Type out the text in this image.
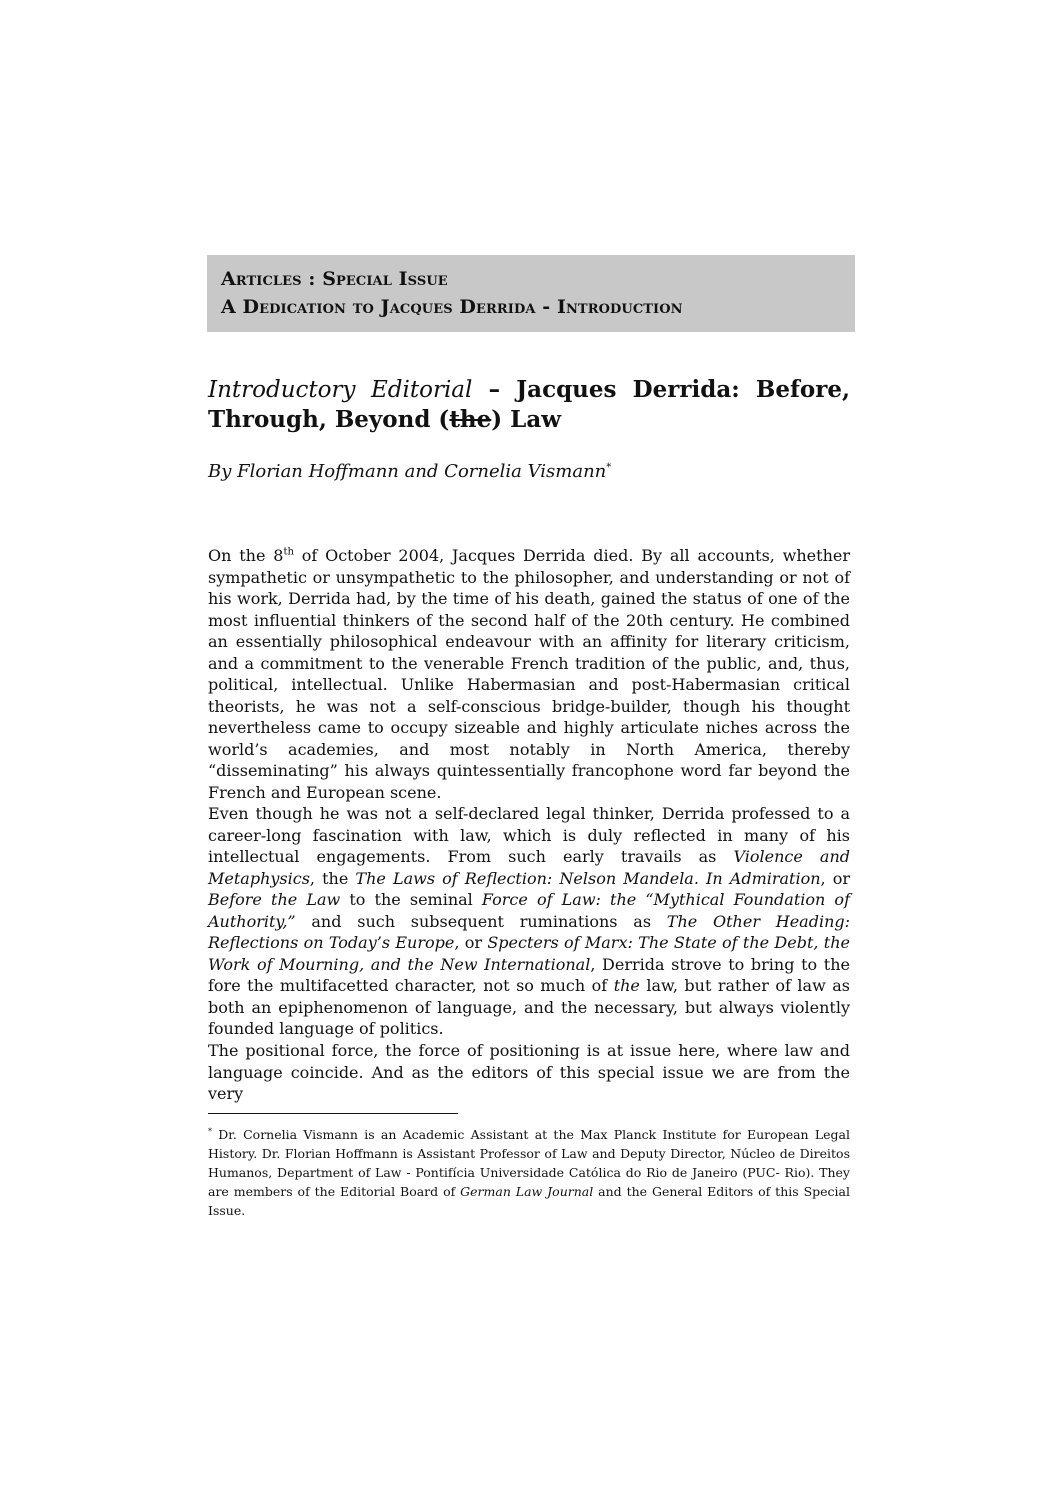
Articles : Special Issue
A Dedication to Jacques Derrida - Introduction
Introductory Editorial – Jacques Derrida: Before, Through, Beyond (the) Law
By Florian Hoffmann and Cornelia Vismann*

On the 8th of October 2004, Jacques Derrida died. By all accounts, whether sympathetic or unsympathetic to the philosopher, and understanding or not of his work, Derrida had, by the time of his death, gained the status of one of the most influential thinkers of the second half of the 20th century. He combined an essentially philosophical endeavour with an affinity for literary criticism, and a commitment to the venerable French tradition of the public, and, thus, political, intellectual. Unlike Habermasian and post-Habermasian critical theorists, he was not a self-conscious bridge-builder, though his thought nevertheless came to occupy sizeable and highly articulate niches across the world’s academies, and most notably in North America, thereby “disseminating” his always quintessentially francophone word far beyond the French and European scene.

Even though he was not a self-declared legal thinker, Derrida professed to a career-long fascination with law, which is duly reflected in many of his intellectual engagements. From such early travails as Violence and Metaphysics, the The Laws of Reflection: Nelson Mandela. In Admiration, or Before the Law to the seminal Force of Law: the “Mythical Foundation of Authority,” and such subsequent ruminations as The Other Heading: Reflections on Today’s Europe, or Specters of Marx: The State of the Debt, the Work of Mourning, and the New International, Derrida strove to bring to the fore the multifacetted character, not so much of the law, but rather of law as both an epiphenomenon of language, and the necessary, but always violently founded language of politics.

The positional force, the force of positioning is at issue here, where law and language coincide. And as the editors of this special issue we are from the very

* Dr. Cornelia Vismann is an Academic Assistant at the Max Planck Institute for European Legal History. Dr. Florian Hoffmann is Assistant Professor of Law and Deputy Director, Núcleo de Direitos Humanos, Department of Law - Pontifícia Universidade Católica do Rio de Janeiro (PUC- Rio). They are members of the Editorial Board of German Law Journal and the General Editors of this Special Issue.
